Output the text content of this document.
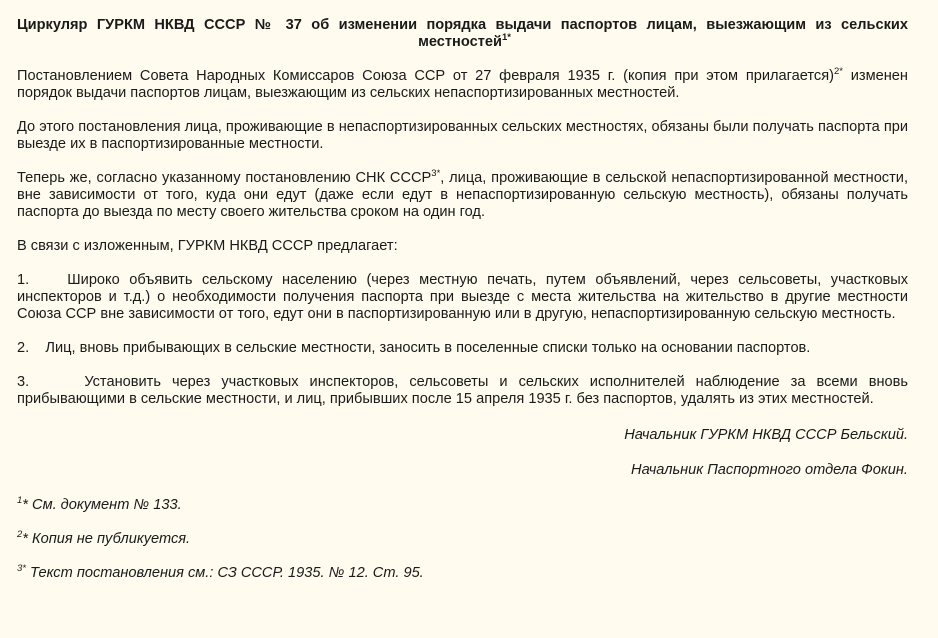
Циркуляр ГУРКМ НКВД СССР № 37 об изменении порядка выдачи паспортов лицам, выезжающим из сельских
местностей$^{1*}$

Постановлением Совета Народных Комиссаров Союза ССР от 27 февраля 1935 г. (копия при этом прилагается)$^{2*}$ изменен порядок выдачи паспортов лицам, выезжающим из сельских непаспортизированных местностей.

До этого постановления лица, проживающие в непаспортизированных сельских местностях, обязаны были получать паспорта при выезде их в паспортизированные местности.

Теперь же, согласно указанному постановлению СНК $СССР^{3*}$, лица, проживающие в сельской непаспортизированной местности, вне зависимости от того, куда они едут (даже если едут в непаспортизированную сельскую местность), обязаны получать паспорта до выезда по месту своего жительства сроком на один год.

В связи с изложенным, ГУРКМ НКВД СССР предлагает:

1.    Широко объявить сельскому населению (через местную печать, путем объявлений, через сельсоветы, участковых инспекторов и т.д.) о необходимости получения паспорта при выезде с места жительства на жительство в другие местности Союза ССР вне зависимости от того, едут они в паспортизированную или в другую, непаспортизированную сельскую местность.

2.    Лиц, вновь прибывающих в сельские местности, заносить в поселенные списки только на основании паспортов.

3.     Установить через участковых инспекторов, сельсоветы и сельских исполнителей наблюдение за всеми вновь прибывающими в сельские местности, и лиц, прибывших после 15 апреля 1935 г. без паспортов, удалять из этих местностей.

Начальник ГУРКМ НКВД СССР Бельский.

Начальник Паспортного отдела Фокин.

$^1$* См. документ № 133.

$^2$* Копия не публикуется.

$^{3*}$ Текст постановления см.: СЗ СССР. 1935. № 12. Ст. 95.
